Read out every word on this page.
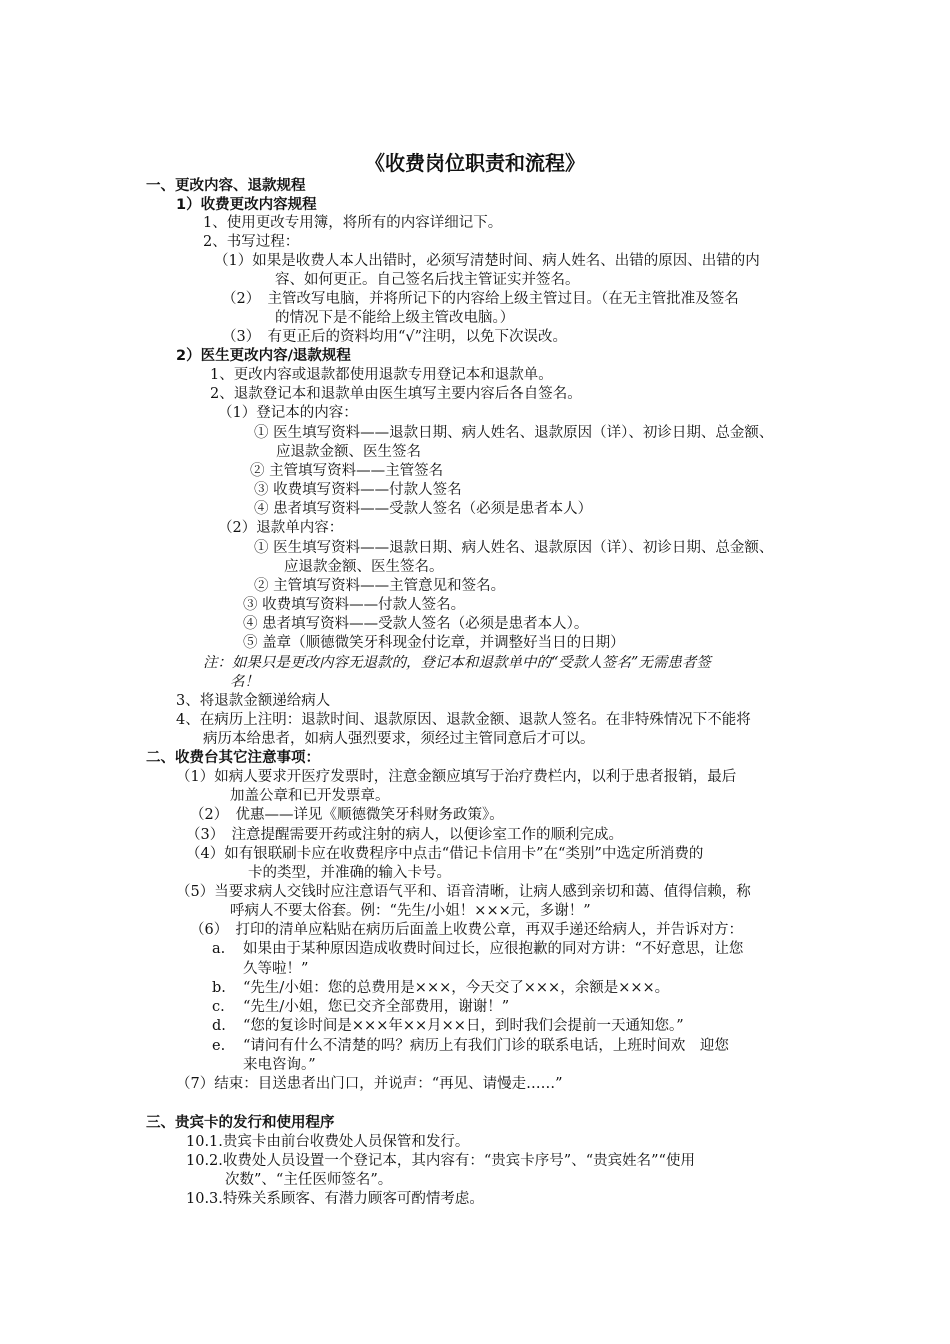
《收费岗位职责和流程》
一、更改内容、退款规程
1）收费更改内容规程
1、使用更改专用簿，将所有的内容详细记下。
2、书写过程：
（1）如果是收费人本人出错时，必须写清楚时间、病人姓名、出错的原因、出错的内
容、如何更正。自己签名后找主管证实并签名。
（2）　主管改写电脑，并将所记下的内容给上级主管过目。（在无主管批准及签名
的情况下是不能给上级主管改电脑。）
（3）　有更正后的资料均用“√”注明，以免下次误改。
2）医生更改内容/退款规程
1、更改内容或退款都使用退款专用登记本和退款单。
2、退款登记本和退款单由医生填写主要内容后各自签名。
（1）登记本的内容：
① 医生填写资料——退款日期、病人姓名、退款原因（详）、初诊日期、总金额、
应退款金额、医生签名
② 主管填写资料——主管签名
③ 收费填写资料——付款人签名
④ 患者填写资料——受款人签名（必须是患者本人）
（2）退款单内容：
① 医生填写资料——退款日期、病人姓名、退款原因（详）、初诊日期、总金额、
应退款金额、医生签名。
② 主管填写资料——主管意见和签名。
③ 收费填写资料——付款人签名。
④ 患者填写资料——受款人签名（必须是患者本人）。
⑤ 盖章（顺德微笑牙科现金付讫章，并调整好当日的日期）
注：如果只是更改内容无退款的，登记本和退款单中的“受款人签名”无需患者签
名！
3、将退款金额递给病人
4、在病历上注明：退款时间、退款原因、退款金额、退款人签名。在非特殊情况下不能将
病历本给患者，如病人强烈要求，须经过主管同意后才可以。
二、收费台其它注意事项：
（1）如病人要求开医疗发票时，注意金额应填写于治疗费栏内，以利于患者报销，最后
加盖公章和已开发票章。
（2）　优惠——详见《顺德微笑牙科财务政策》。
（3）　注意提醒需要开药或注射的病人，以便诊室工作的顺利完成。
（4）如有银联刷卡应在收费程序中点击“借记卡信用卡”在“类别”中选定所消费的
卡的类型，并准确的输入卡号。
（5）当要求病人交钱时应注意语气平和、语音清晰，让病人感到亲切和蔼、值得信赖，称
呼病人不要太俗套。例：“先生/小姐！×××元，多谢！”
（6）　打印的清单应粘贴在病历后面盖上收费公章，再双手递还给病人，并告诉对方：
a. 如果由于某种原因造成收费时间过长，应很抱歉的同对方讲：“不好意思，让您
久等啦！”
b. “先生/小姐：您的总费用是×××，今天交了×××，余额是×××。
c. “先生/小姐，您已交齐全部费用，谢谢！”
d. “您的复诊时间是×××年××月××日，到时我们会提前一天通知您。”
e. “请问有什么不清楚的吗？病历上有我们门诊的联系电话，上班时间欢　迎您
来电咨询。”
（7）结束：目送患者出门口，并说声：“再见、请慢走……”
三、贵宾卡的发行和使用程序
10.1.贵宾卡由前台收费处人员保管和发行。
10.2.收费处人员设置一个登记本，其内容有：“贵宾卡序号”、“贵宾姓名”“使用
次数”、“主任医师签名”。
10.3.特殊关系顾客、有潜力顾客可酌情考虑。
